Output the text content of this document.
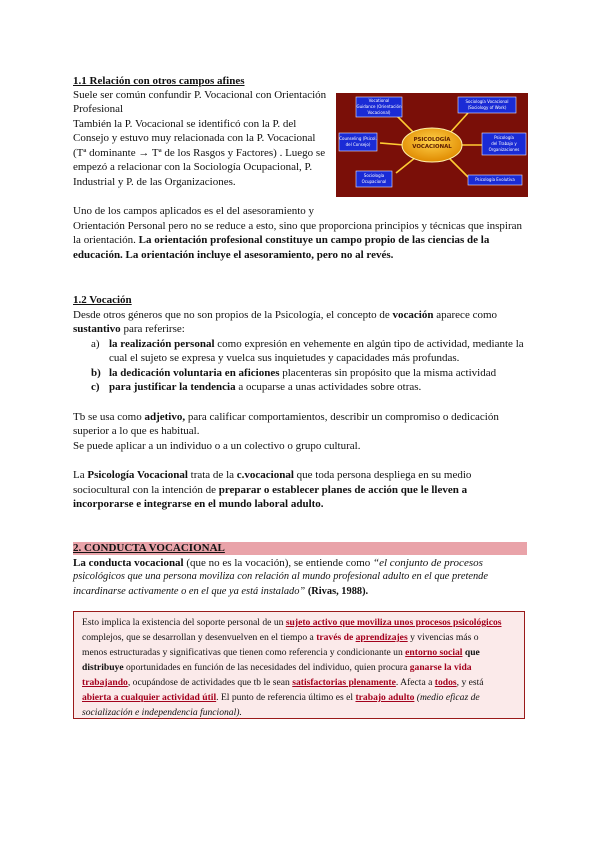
1.1 Relación con otros campos afines
Suele ser común confundir P. Vocacional con Orientación
Profesional
También la P. Vocacional se identificó con la P. del
Consejo y estuvo muy relacionada con la P. Vocacional
(Tª dominante → Tª de los Rasgos y Factores) . Luego se
empezó a relacionar con la Sociología Ocupacional, P.
Industrial y P. de las Organizaciones.
Uno de los campos aplicados es el del asesoramiento y
Orientación Personal pero no se reduce a esto, sino que proporciona principios y técnicas que inspiran
la orientación. La orientación profesional constituye un campo propio de las ciencias de la
educación. La orientación incluye el asesoramiento, pero no al revés.
PSICOLOGÍA
VOCACIONAL
Vocational
Guidance (Orientación
Vocacional)
Sociología Vocacional
(Sociology of Work)
Counseling (Psicol.
del Consejo)
Psicología
del Trabajo y
Organizaciones
Sociología
Ocupacional	Psicología Evolutiva
1.2 Vocación
Desde otros géneros que no son propios de la Psicología, el concepto de vocación aparece como
sustantivo para referirse:
a) la realización personal como expresión en vehemente en algún tipo de actividad, mediante la
cual el sujeto se expresa y vuelca sus inquietudes y capacidades más profundas.
b) la dedicación voluntaria en aficiones placenteras sin propósito que la misma actividad
c) para justificar la tendencia a ocuparse a unas actividades sobre otras.
Tb se usa como adjetivo, para calificar comportamientos, describir un compromiso o dedicación
superior a lo que es habitual.
Se puede aplicar a un individuo o a un colectivo o grupo cultural.
La Psicología Vocacional trata de la c.vocacional que toda persona despliega en su medio
sociocultural con la intención de preparar o establecer planes de acción que le lleven a
incorporarse e integrarse en el mundo laboral adulto.
2. CONDUCTA VOCACIONAL
La conducta vocacional (que no es la vocación), se entiende como “el conjunto de procesos
psicológicos que una persona moviliza con relación al mundo profesional adulto en el que pretende
incardinarse activamente o en el que ya está instalado” (Rivas, 1988).
Esto implica la existencia del soporte personal de un sujeto activo que moviliza unos procesos psicológicos
complejos, que se desarrollan y desenvuelven en el tiempo a través de aprendizajes y vivencias más o
menos estructuradas y significativas que tienen como referencia y condicionante un entorno social que
distribuye oportunidades en función de las necesidades del individuo, quien procura ganarse la vida
trabajando, ocupándose de actividades que tb le sean satisfactorias plenamente. Afecta a todos, y está
abierta a cualquier actividad útil. El punto de referencia último es el trabajo adulto (medio eficaz de
socialización e independencia funcional).
